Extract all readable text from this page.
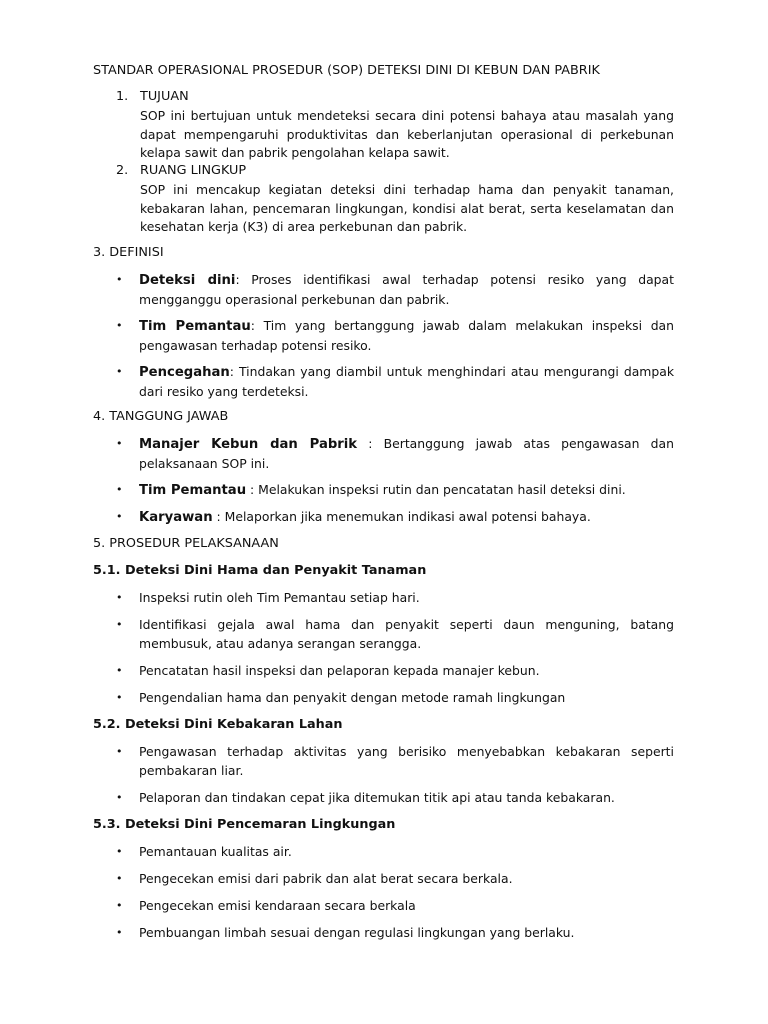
STANDAR OPERASIONAL PROSEDUR (SOP) DETEKSI DINI DI KEBUN DAN PABRIK
1. TUJUAN
SOP ini bertujuan untuk mendeteksi secara dini potensi bahaya atau masalah yang dapat mempengaruhi produktivitas dan keberlanjutan operasional di perkebunan kelapa sawit dan pabrik pengolahan kelapa sawit.
2. RUANG LINGKUP
SOP ini mencakup kegiatan deteksi dini terhadap hama dan penyakit tanaman, kebakaran lahan, pencemaran lingkungan, kondisi alat berat, serta keselamatan dan kesehatan kerja (K3) di area perkebunan dan pabrik.
3. DEFINISI
• Deteksi dini: Proses identifikasi awal terhadap potensi resiko yang dapat mengganggu operasional perkebunan dan pabrik.
• Tim Pemantau: Tim yang bertanggung jawab dalam melakukan inspeksi dan pengawasan terhadap potensi resiko.
• Pencegahan: Tindakan yang diambil untuk menghindari atau mengurangi dampak dari resiko yang terdeteksi.
4. TANGGUNG JAWAB
• Manajer Kebun dan Pabrik : Bertanggung jawab atas pengawasan dan pelaksanaan SOP ini.
• Tim Pemantau : Melakukan inspeksi rutin dan pencatatan hasil deteksi dini.
• Karyawan : Melaporkan jika menemukan indikasi awal potensi bahaya.
5. PROSEDUR PELAKSANAAN
5.1. Deteksi Dini Hama dan Penyakit Tanaman
• Inspeksi rutin oleh Tim Pemantau setiap hari.
• Identifikasi gejala awal hama dan penyakit seperti daun menguning, batang membusuk, atau adanya serangan serangga.
• Pencatatan hasil inspeksi dan pelaporan kepada manajer kebun.
• Pengendalian hama dan penyakit dengan metode ramah lingkungan
5.2. Deteksi Dini Kebakaran Lahan
• Pengawasan terhadap aktivitas yang berisiko menyebabkan kebakaran seperti pembakaran liar.
• Pelaporan dan tindakan cepat jika ditemukan titik api atau tanda kebakaran.
5.3. Deteksi Dini Pencemaran Lingkungan
• Pemantauan kualitas air.
• Pengecekan emisi dari pabrik dan alat berat secara berkala.
• Pengecekan emisi kendaraan secara berkala
• Pembuangan limbah sesuai dengan regulasi lingkungan yang berlaku.
